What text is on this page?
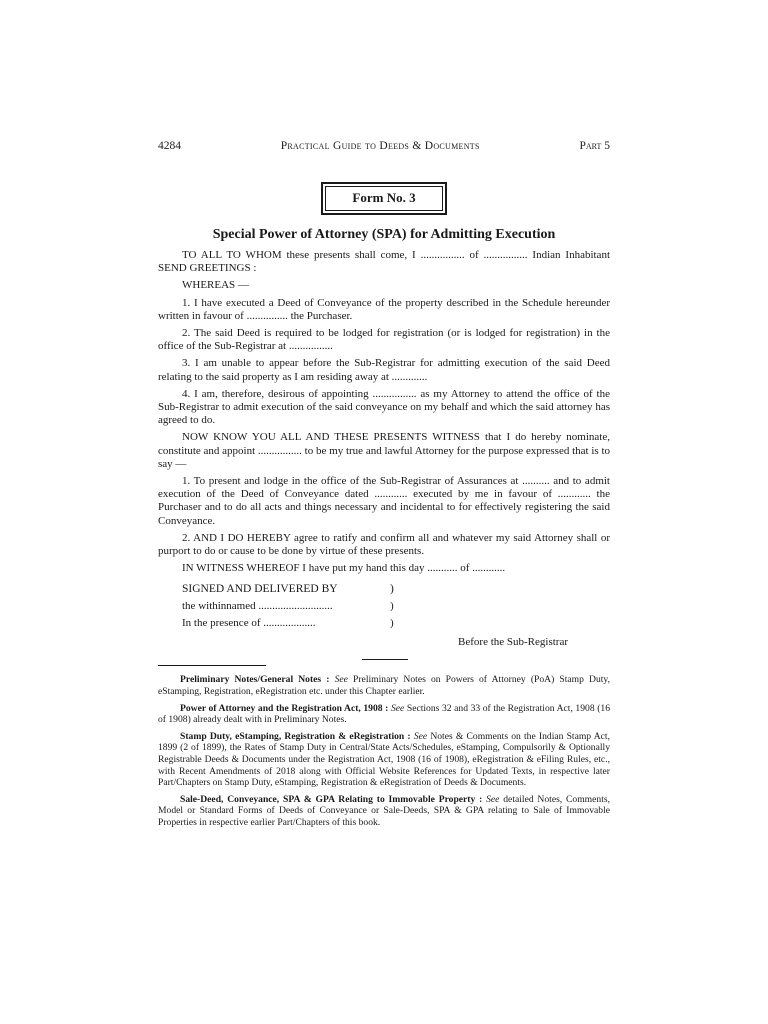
4284	Practical Guide to Deeds & Documents	Part 5
Form No. 3
Special Power of Attorney (SPA) for Admitting Execution

TO ALL TO WHOM these presents shall come, I ................ of ................ Indian Inhabitant SEND GREETINGS :

WHEREAS —

1. I have executed a Deed of Conveyance of the property described in the Schedule hereunder written in favour of ............... the Purchaser.

2. The said Deed is required to be lodged for registration (or is lodged for registration) in the office of the Sub-Registrar at ................

3. I am unable to appear before the Sub-Registrar for admitting execution of the said Deed relating to the said property as I am residing away at .............

4. I am, therefore, desirous of appointing ................ as my Attorney to attend the office of the Sub-Registrar to admit execution of the said conveyance on my behalf and which the said attorney has agreed to do.

NOW KNOW YOU ALL AND THESE PRESENTS WITNESS that I do hereby nominate, constitute and appoint ................ to be my true and lawful Attorney for the purpose expressed that is to say —

1. To present and lodge in the office of the Sub-Registrar of Assurances at .......... and to admit execution of the Deed of Conveyance dated ............ executed by me in favour of ............ the Purchaser and to do all acts and things necessary and incidental to for effectively registering the said Conveyance.

2. AND I DO HEREBY agree to ratify and confirm all and whatever my said Attorney shall or purport to do or cause to be done by virtue of these presents.

IN WITNESS WHEREOF I have put my hand this day ........... of ............

SIGNED AND DELIVERED BY	)
the withinnamed ...........................	)
In the presence of ...................	)
Before the Sub-Registrar

Preliminary Notes/General Notes : See Preliminary Notes on Powers of Attorney (PoA) Stamp Duty, eStamping, Registration, eRegistration etc. under this Chapter earlier.

Power of Attorney and the Registration Act, 1908 : See Sections 32 and 33 of the Registration Act, 1908 (16 of 1908) already dealt with in Preliminary Notes.

Stamp Duty, eStamping, Registration & eRegistration : See Notes & Comments on the Indian Stamp Act, 1899 (2 of 1899), the Rates of Stamp Duty in Central/State Acts/Schedules, eStamping, Compulsorily & Optionally Registrable Deeds & Documents under the Registration Act, 1908 (16 of 1908), eRegistration & eFiling Rules, etc., with Recent Amendments of 2018 along with Official Website References for Updated Texts, in respective later Part/Chapters on Stamp Duty, eStamping, Registration & eRegistration of Deeds & Documents.

Sale-Deed, Conveyance, SPA & GPA Relating to Immovable Property : See detailed Notes, Comments, Model or Standard Forms of Deeds of Conveyance or Sale-Deeds, SPA & GPA relating to Sale of Immovable Properties in respective earlier Part/Chapters of this book.
